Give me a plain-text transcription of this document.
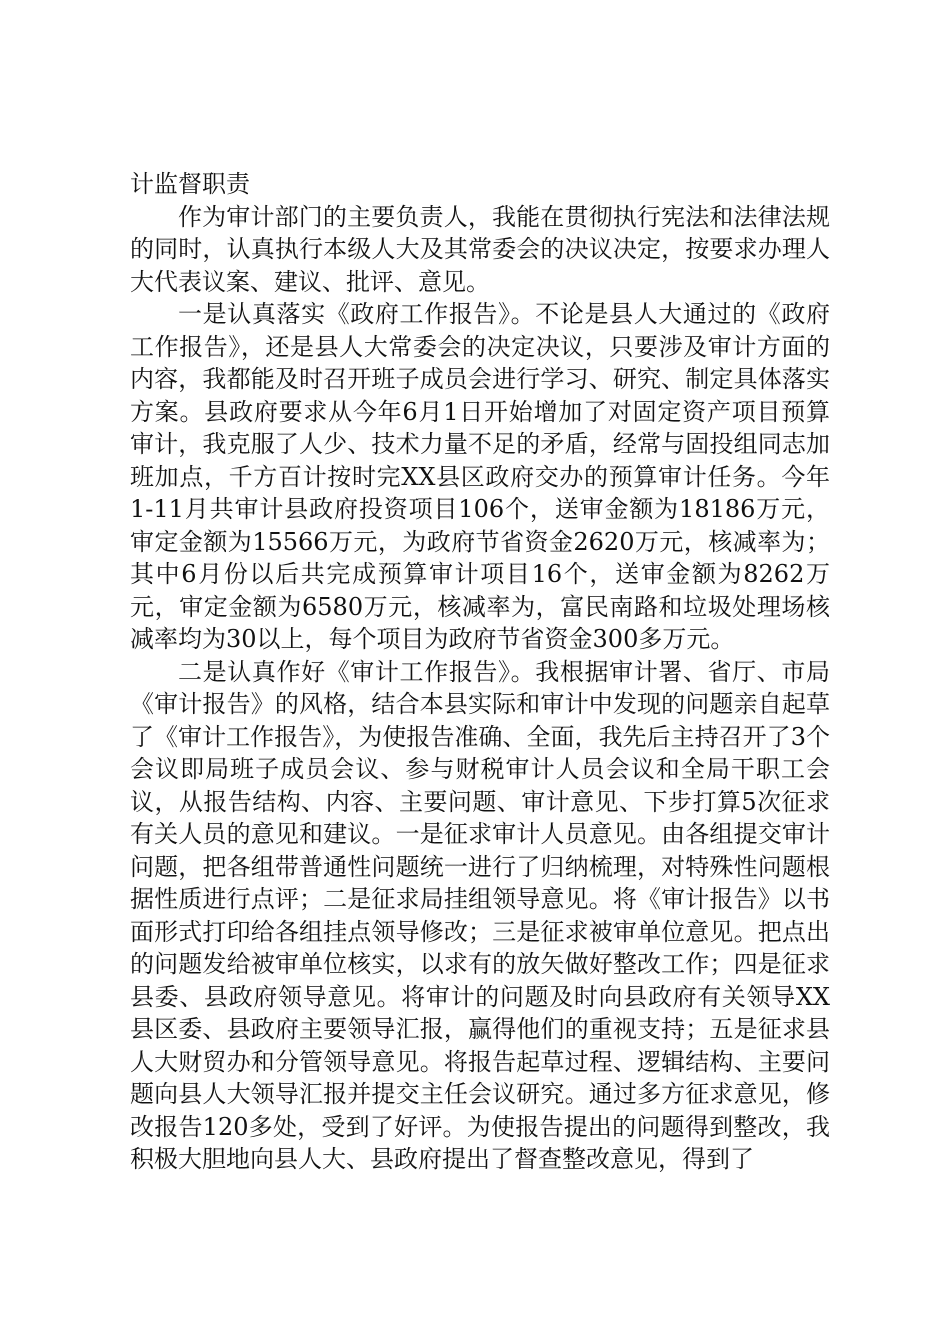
计监督职责

作为审计部门的主要负责人，我能在贯彻执行宪法和法律法规的同时，认真执行本级人大及其常委会的决议决定，按要求办理人大代表议案、建议、批评、意见。

一是认真落实《政府工作报告》。不论是县人大通过的《政府工作报告》，还是县人大常委会的决定决议，只要涉及审计方面的内容，我都能及时召开班子成员会进行学习、研究、制定具体落实方案。县政府要求从今年6月1日开始增加了对固定资产项目预算审计，我克服了人少、技术力量不足的矛盾，经常与固投组同志加班加点，千方百计按时完XX县区政府交办的预算审计任务。今年1-11月共审计县政府投资项目106个，送审金额为18186万元，审定金额为15566万元，为政府节省资金2620万元，核减率为；其中6月份以后共完成预算审计项目16个，送审金额为8262万元，审定金额为6580万元，核减率为，富民南路和垃圾处理场核减率均为30以上，每个项目为政府节省资金300多万元。

二是认真作好《审计工作报告》。我根据审计署、省厅、市局《审计报告》的风格，结合本县实际和审计中发现的问题亲自起草了《审计工作报告》，为使报告准确、全面，我先后主持召开了3个会议即局班子成员会议、参与财税审计人员会议和全局干职工会议，从报告结构、内容、主要问题、审计意见、下步打算5次征求有关人员的意见和建议。一是征求审计人员意见。由各组提交审计问题，把各组带普通性问题统一进行了归纳梳理，对特殊性问题根据性质进行点评；二是征求局挂组领导意见。将《审计报告》以书面形式打印给各组挂点领导修改；三是征求被审单位意见。把点出的问题发给被审单位核实，以求有的放矢做好整改工作；四是征求县委、县政府领导意见。将审计的问题及时向县政府有关领导XX县区委、县政府主要领导汇报，赢得他们的重视支持；五是征求县人大财贸办和分管领导意见。将报告起草过程、逻辑结构、主要问题向县人大领导汇报并提交主任会议研究。通过多方征求意见，修改报告120多处，受到了好评。为使报告提出的问题得到整改，我积极大胆地向县人大、县政府提出了督查整改意见，得到了
